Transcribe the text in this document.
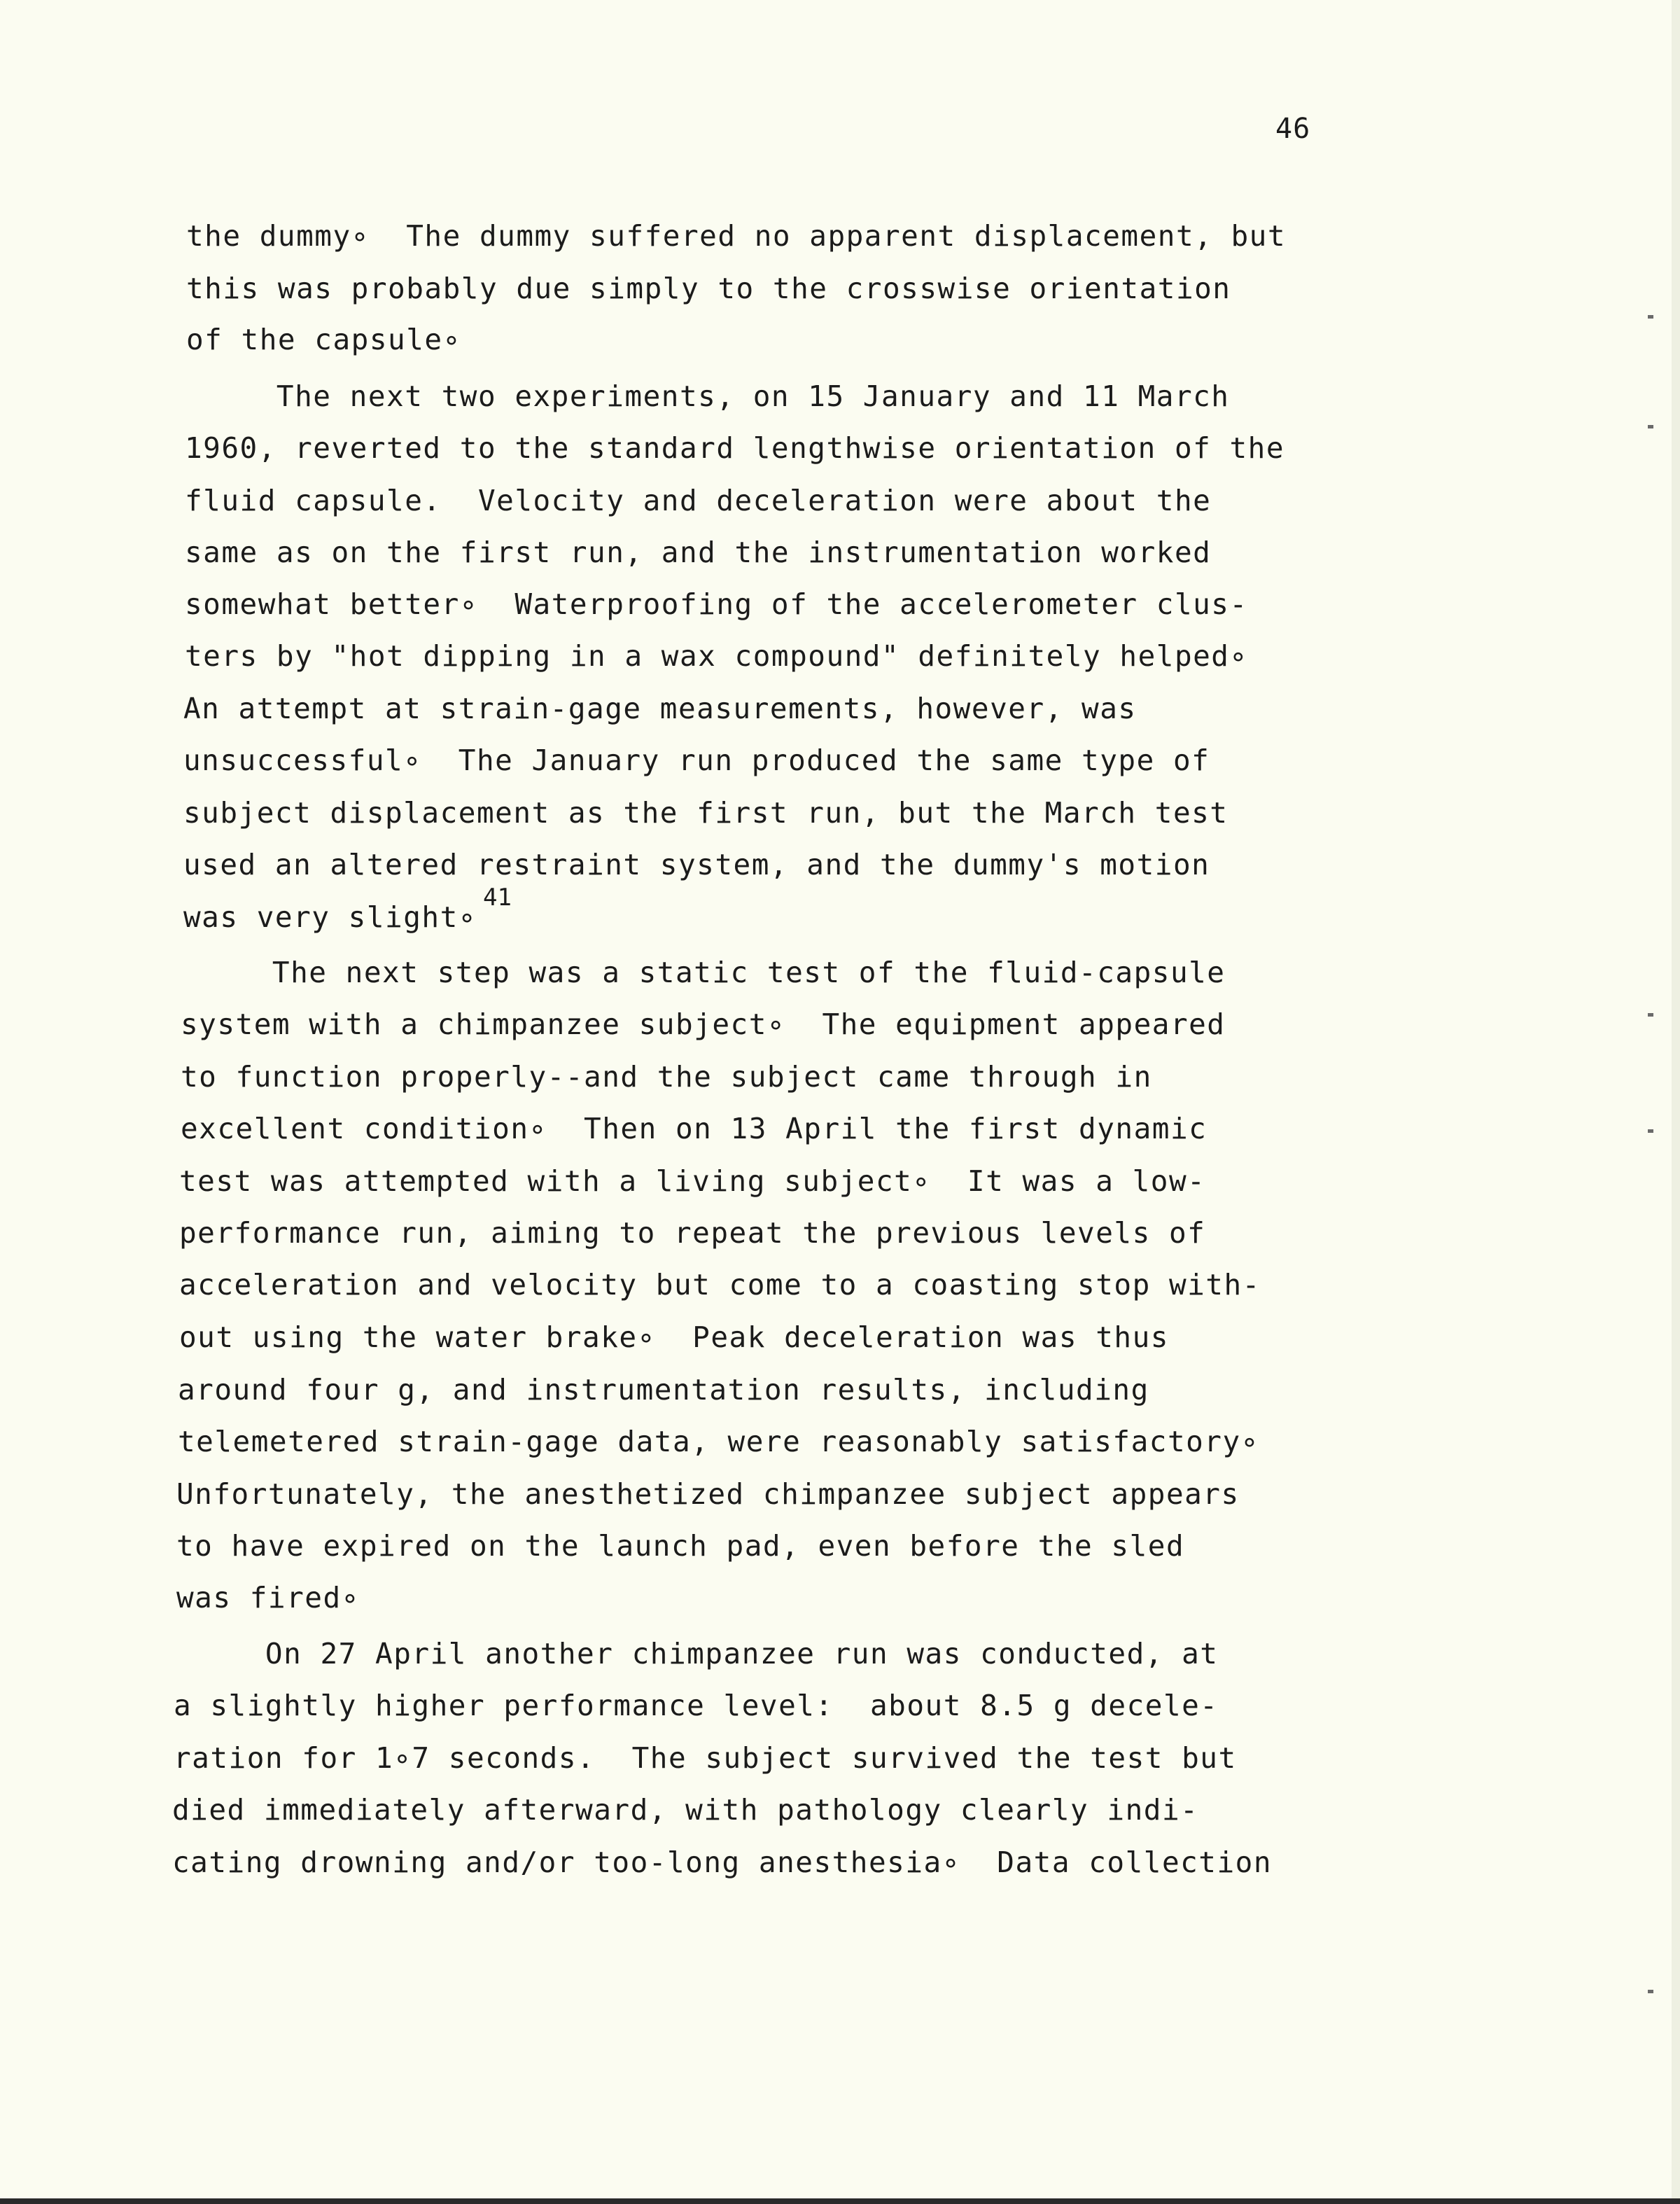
46
the dummy∘  The dummy suffered no apparent displacement, but
this was probably due simply to the crosswise orientation
of the capsule∘
The next two experiments, on 15 January and 11 March
1960, reverted to the standard lengthwise orientation of the
fluid capsule.  Velocity and deceleration were about the
same as on the first run, and the instrumentation worked
somewhat better∘  Waterproofing of the accelerometer clus-
ters by "hot dipping in a wax compound" definitely helped∘
An attempt at strain-gage measurements, however, was
unsuccessful∘  The January run produced the same type of
subject displacement as the first run, but the March test
used an altered restraint system, and the dummy's motion
was very slight∘
41
The next step was a static test of the fluid-capsule
system with a chimpanzee subject∘  The equipment appeared
to function properly--and the subject came through in
excellent condition∘  Then on 13 April the first dynamic
test was attempted with a living subject∘  It was a low-
performance run, aiming to repeat the previous levels of
acceleration and velocity but come to a coasting stop with-
out using the water brake∘  Peak deceleration was thus
around four g, and instrumentation results, including
telemetered strain-gage data, were reasonably satisfactory∘
Unfortunately, the anesthetized chimpanzee subject appears
to have expired on the launch pad, even before the sled
was fired∘
On 27 April another chimpanzee run was conducted, at
a slightly higher performance level:  about 8.5 g decele-
ration for 1∘7 seconds.  The subject survived the test but
died immediately afterward, with pathology clearly indi-
cating drowning and/or too-long anesthesia∘  Data collection
